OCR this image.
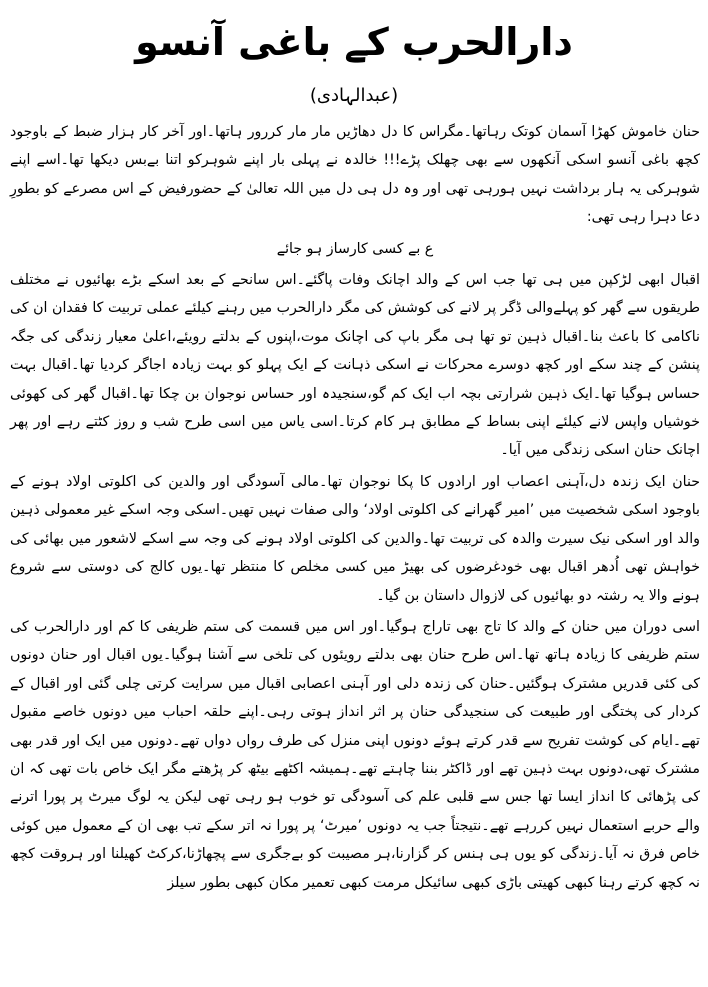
دارالحرب کے باغی آنسو
(عبدالہادی)

حنان خاموش کھڑا آسمان کوتک رہاتھا۔مگراس کا دل دھاڑیں مار مار کررور ہاتھا۔اور آخر کار ہزار ضبط کے باوجود کچھ باغی آنسو اسکی آنکھوں سے بھی چھلک پڑے!!! خالدہ نے پہلی بار اپنے شوہرکو اتنا بےبس دیکھا تھا۔اسے اپنے شوہرکی یہ ہار برداشت نہیں ہورہی تھی اور وہ دل ہی دل میں اللہ تعالیٰ کے حضورفیض کے اس مصرعے کو بطورِ دعا دہرا رہی تھی:

ع بے کسی کارساز ہو جائے

اقبال ابھی لڑکپن میں ہی تھا جب اس کے والد اچانک وفات پاگئے۔اس سانحے کے بعد اسکے بڑے بھائیوں نے مختلف طریقوں سے گھر کو پہلےوالی ڈگر پر لانے کی کوشش کی مگر دارالحرب میں رہنے کیلئے عملی تربیت کا فقدان ان کی ناکامی کا باعث بنا۔اقبال ذہین تو تھا ہی مگر باپ کی اچانک موت،اپنوں کے بدلتے رویئے،اعلیٰ معیار زندگی کی جگہ پنشن کے چند سکے اور کچھ دوسرے محرکات نے اسکی ذہانت کے ایک پہلو کو بہت زیادہ اجاگر کردیا تھا۔اقبال بہت حساس ہوگیا تھا۔ایک ذہین شرارتی بچہ اب ایک کم گو،سنجیدہ اور حساس نوجوان بن چکا تھا۔اقبال گھر کی کھوئی خوشیاں واپس لانے کیلئے اپنی بساط کے مطابق ہر کام کرتا۔اسی یاس میں اسی طرح شب و روز کٹتے رہے اور پھر اچانک حنان اسکی زندگی میں آیا۔

حنان ایک زندہ دل،آہنی اعصاب اور ارادوں کا پکا نوجوان تھا۔مالی آسودگی اور والدین کی اکلوتی اولاد ہونے کے باوجود اسکی شخصیت میں ’امیر گھرانے کی اکلوتی اولاد‘ والی صفات نہیں تھیں۔اسکی وجہ اسکے غیر معمولی ذہین والد اور اسکی نیک سیرت والدہ کی تربیت تھا۔والدین کی اکلوتی اولاد ہونے کی وجہ سے اسکے لاشعور میں بھائی کی خواہش تھی اُدھر اقبال بھی خودغرضوں کی بھیڑ میں کسی مخلص کا منتظر تھا۔یوں کالج کی دوستی سے شروع ہونے والا یہ رشتہ دو بھائیوں کی لازوال داستان بن گیا۔

اسی دوران میں حنان کے والد کا تاج بھی تاراج ہوگیا۔اور اس میں قسمت کی ستم ظریفی کا کم اور دارالحرب کی ستم ظریفی کا زیادہ ہاتھ تھا۔اس طرح حنان بھی بدلتے رویئوں کی تلخی سے آشنا ہوگیا۔یوں اقبال اور حنان دونوں کی کئی قدریں مشترک ہوگئیں۔حنان کی زندہ دلی اور آہنی اعصابی اقبال میں سرایت کرتی چلی گئی اور اقبال کے کردار کی پختگی اور طبیعت کی سنجیدگی حنان پر اثر انداز ہوتی رہی۔اپنے حلقہ احباب میں دونوں خاصے مقبول تھے۔ایام کی کوشت تفریح سے قدر کرتے ہوئے دونوں اپنی منزل کی طرف رواں دواں تھے۔دونوں میں ایک اور قدر بھی مشترک تھی،دونوں بہت ذہین تھے اور ڈاکٹر بننا چاہتے تھے۔ہمیشہ اکٹھے بیٹھ کر پڑھتے مگر ایک خاص بات تھی کہ ان کی پڑھائی کا انداز ایسا تھا جس سے قلبی علم کی آسودگی تو خوب ہو رہی تھی لیکن یہ لوگ میرٹ پر پورا اترنے والے حربے استعمال نہیں کررہے تھے۔نتیجتاً جب یہ دونوں ’میرٹ‘ پر پورا نہ اتر سکے تب بھی ان کے معمول میں کوئی خاص فرق نہ آیا۔زندگی کو یوں ہی ہنس کر گزارنا،ہر مصیبت کو بےجگری سے پچھاڑنا،کرکٹ کھیلنا اور ہروقت کچھ نہ کچھ کرتے رہنا کبھی کھیتی باڑی کبھی سائیکل مرمت کبھی تعمیر مکان کبھی بطور سیلز
